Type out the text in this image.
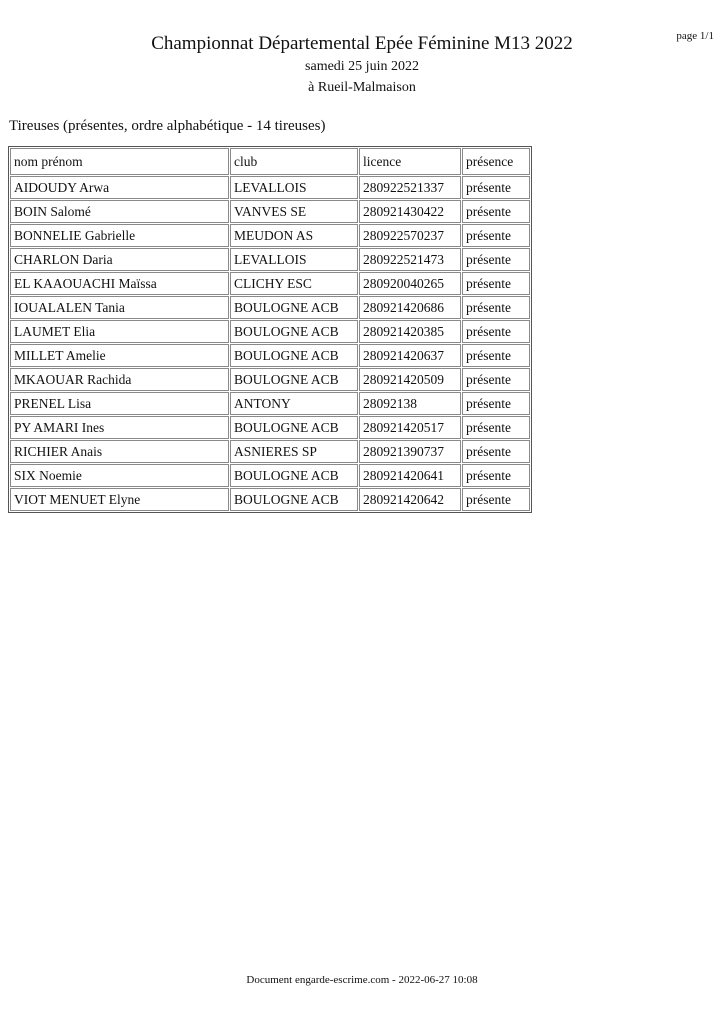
page 1/1
Championnat Départemental Epée Féminine M13 2022
samedi 25 juin 2022
à Rueil-Malmaison
Tireuses (présentes, ordre alphabétique - 14 tireuses)
nom prénom	club	licence	présence
AIDOUDY Arwa	LEVALLOIS	280922521337	présente
BOIN Salomé	VANVES SE	280921430422	présente
BONNELIE Gabrielle	MEUDON AS	280922570237	présente
CHARLON Daria	LEVALLOIS	280922521473	présente
EL KAAOUACHI Maïssa	CLICHY ESC	280920040265	présente
IOUALALEN Tania	BOULOGNE ACB	280921420686	présente
LAUMET Elia	BOULOGNE ACB	280921420385	présente
MILLET Amelie	BOULOGNE ACB	280921420637	présente
MKAOUAR Rachida	BOULOGNE ACB	280921420509	présente
PRENEL Lisa	ANTONY	28092138	présente
PY AMARI Ines	BOULOGNE ACB	280921420517	présente
RICHIER Anais	ASNIERES SP	280921390737	présente
SIX Noemie	BOULOGNE ACB	280921420641	présente
VIOT MENUET Elyne	BOULOGNE ACB	280921420642	présente
Document engarde-escrime.com - 2022-06-27 10:08
